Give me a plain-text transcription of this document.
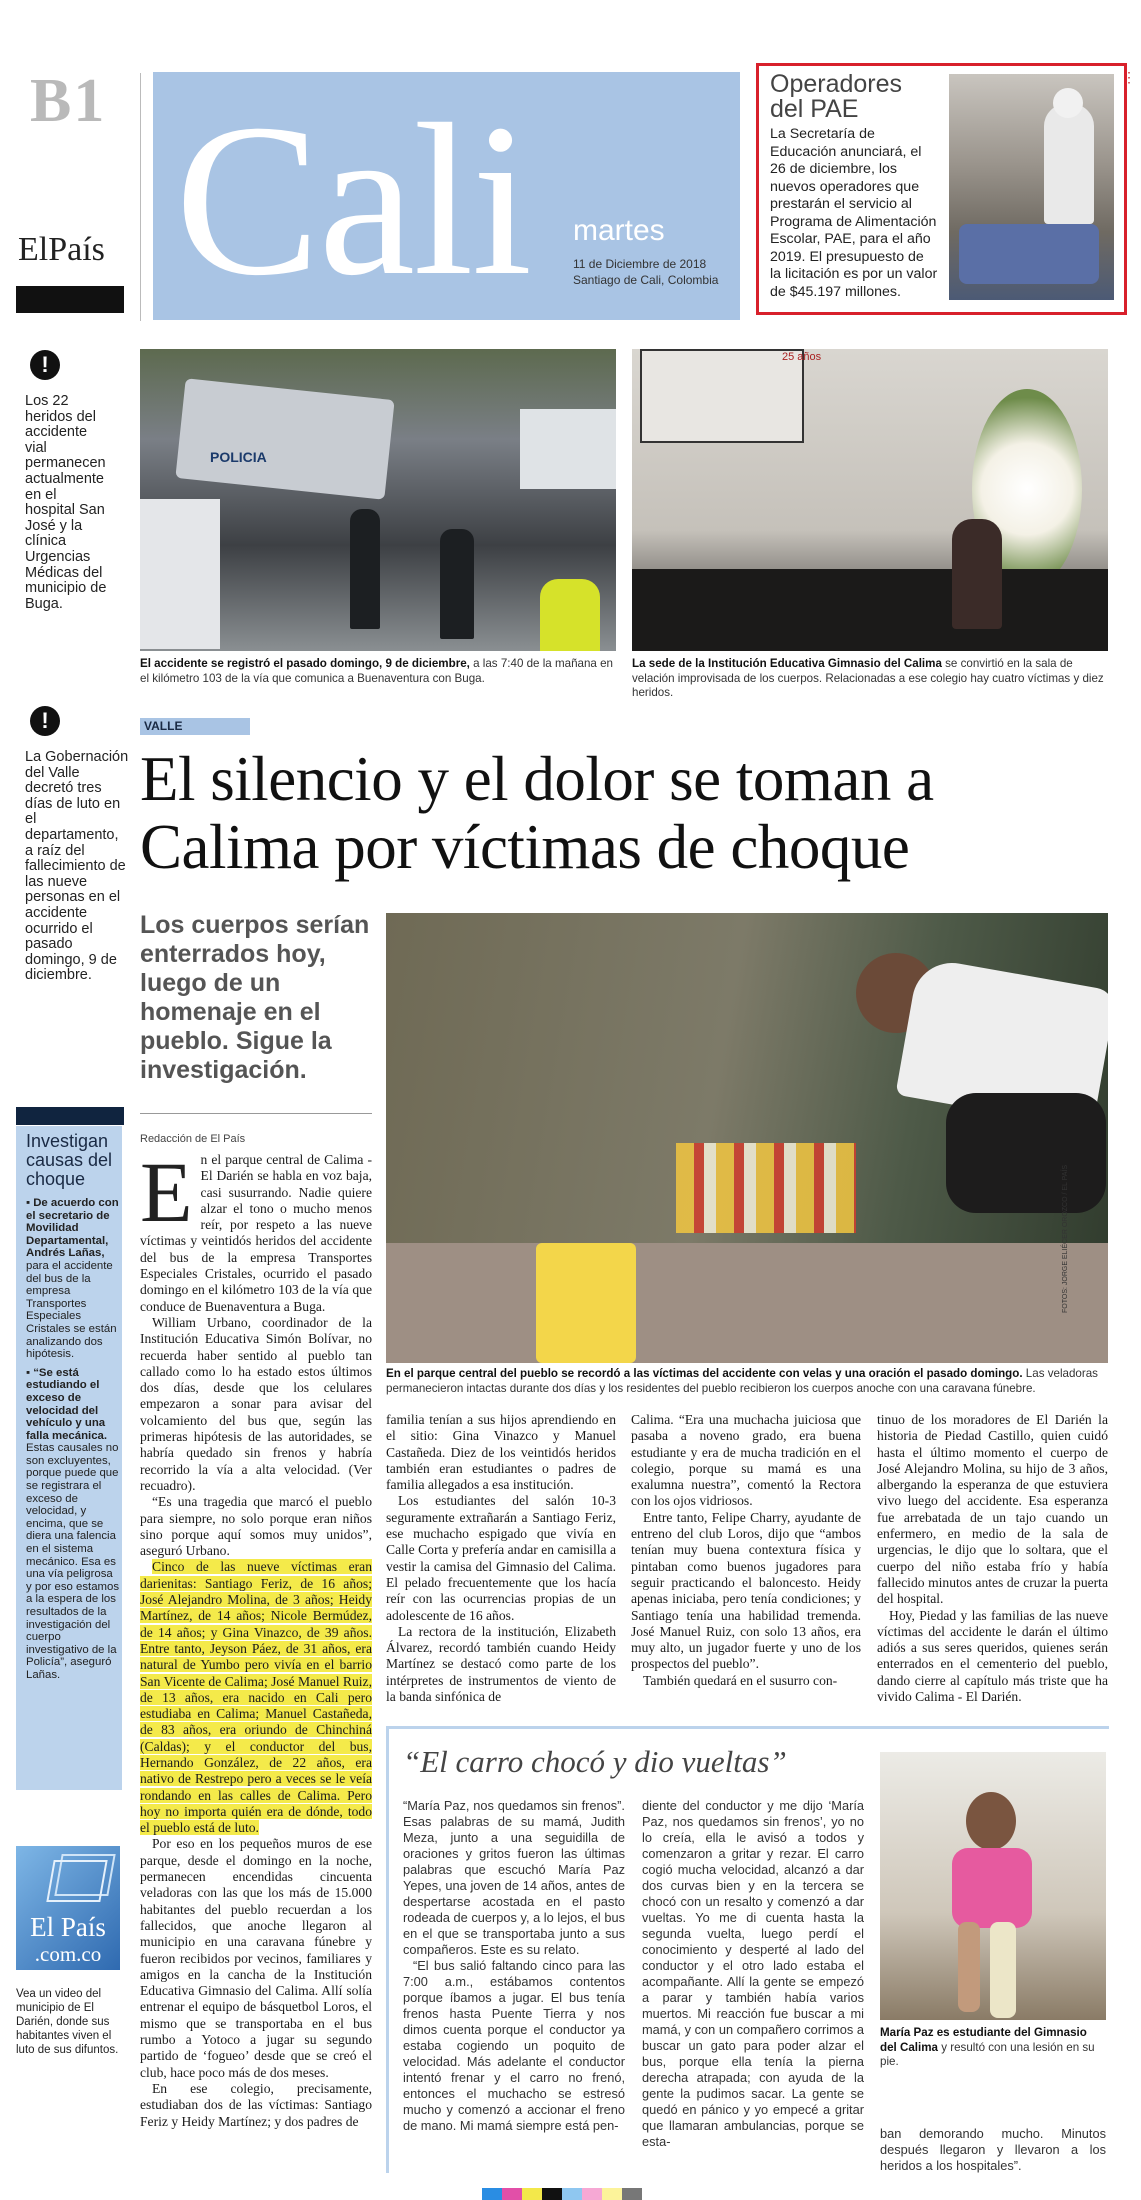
B1
ElPaís Cali martes
11 de Diciembre de 2018
Santiago de Cali, Colombia
Operadores del PAE
La Secretaría de Educación anunciará, el 26 de diciembre, los nuevos operadores que prestarán el servicio al Programa de Alimentación Escolar, PAE, para el año 2019. El presupuesto de la licitación es por un valor de $45.197 millones.
⋮
!
Los 22 heridos del accidente vial permanecen actualmente en el hospital San José y la clínica Urgencias Médicas del municipio de Buga.
!
La Gobernación del Valle decretó tres días de luto en el departamento, a raíz del fallecimiento de las nueve personas en el accidente ocurrido el pasado domingo, 9 de diciembre.
POLICIA
El accidente se registró el pasado domingo, 9 de diciembre, a las 7:40 de la mañana en el kilómetro 103 de la vía que comunica a Buenaventura con Buga.
25 años
La sede de la Institución Educativa Gimnasio del Calima se convirtió en la sala de velación improvisada de los cuerpos. Relacionadas a ese colegio hay cuatro víctimas y diez heridos.
VALLE
El silencio y el dolor se toman a Calima por víctimas de choque
Los cuerpos serían enterrados hoy, luego de un homenaje en el pueblo. Sigue la investigación.
FOTOS: JORGE ELIÉCER OROZCO / EL PAÍS
En el parque central del pueblo se recordó a las víctimas del accidente con velas y una oración el pasado domingo. Las veladoras permanecieron intactas durante dos días y los residentes del pueblo recibieron los cuerpos anoche con una caravana fúnebre.
Redacción de El País
E n el parque central de Calima - El Darién se habla en voz baja, casi susurrando. Nadie quiere alzar el tono o mucho menos reír, por respeto a las nueve víctimas y veintidós heridos del accidente del bus de la empresa Transportes Especiales Cristales, ocurrido el pasado domingo en el kilómetro 103 de la vía que conduce de Buenaventura a Buga.

William Urbano, coordinador de la Institución Educativa Simón Bolívar, no recuerda haber sentido al pueblo tan callado como lo ha estado estos últimos dos días, desde que los celulares empezaron a sonar para avisar del volcamiento del bus que, según las primeras hipótesis de las autoridades, se habría quedado sin frenos y habría recorrido la vía a alta velocidad. (Ver recuadro).

“Es una tragedia que marcó el pueblo para siempre, no solo porque eran niños sino porque aquí somos muy unidos”, aseguró Urbano.

Cinco de las nueve víctimas eran darienitas: Santiago Feriz, de 16 años; José Alejandro Molina, de 3 años; Heidy Martínez, de 14 años; Nicole Bermúdez, de 14 años; y Gina Vinazco, de 39 años. Entre tanto, Jeyson Páez, de 31 años, era natural de Yumbo pero vivía en el barrio San Vicente de Calima; José Manuel Ruiz, de 13 años, era nacido en Cali pero estudiaba en Calima; Manuel Castañeda, de 83 años, era oriundo de Chinchiná (Caldas); y el conductor del bus, Hernando González, de 22 años, era nativo de Restrepo pero a veces se le veía rondando en las calles de Calima. Pero hoy no importa quién era de dónde, todo el pueblo está de luto.

Por eso en los pequeños muros de ese parque, desde el domingo en la noche, permanecen encendidas cincuenta veladoras con las que los más de 15.000 habitantes del pueblo recuerdan a los fallecidos, que anoche llegaron al municipio en una caravana fúnebre y fueron recibidos por vecinos, familiares y amigos en la cancha de la Institución Educativa Gimnasio del Calima. Allí solía entrenar el equipo de básquetbol Loros, el mismo que se transportaba en el bus rumbo a Yotoco a jugar su segundo partido de ‘fogueo’ desde que se creó el club, hace poco más de dos meses.

En ese colegio, precisamente, estudiaban dos de las víctimas: Santiago Feriz y Heidy Martínez; y dos padres de

familia tenían a sus hijos aprendiendo en el sitio: Gina Vinazco y Manuel Castañeda. Diez de los veintidós heridos también eran estudiantes o padres de familia allegados a esa institución.

Los estudiantes del salón 10-3 seguramente extrañarán a Santiago Feriz, ese muchacho espigado que vivía en Calle Corta y prefería andar en camisilla a vestir la camisa del Gimnasio del Calima. El pelado frecuentemente que los hacía reír con las ocurrencias propias de un adolescente de 16 años.

La rectora de la institución, Elizabeth Álvarez, recordó también cuando Heidy Martínez se destacó como parte de los intérpretes de instrumentos de viento de la banda sinfónica de

Calima. “Era una muchacha juiciosa que pasaba a noveno grado, era buena estudiante y era de mucha tradición en el colegio, porque su mamá es una exalumna nuestra”, comentó la Rectora con los ojos vidriosos.

Entre tanto, Felipe Charry, ayudante de entreno del club Loros, dijo que “ambos tenían muy buena contextura física y pintaban como buenos jugadores para seguir practicando el baloncesto. Heidy apenas iniciaba, pero tenía condiciones; y Santiago tenía una habilidad tremenda. José Manuel Ruiz, con solo 13 años, era muy alto, un jugador fuerte y uno de los prospectos del pueblo”.

También quedará en el susurro con-

tinuo de los moradores de El Darién la historia de Piedad Castillo, quien cuidó hasta el último momento el cuerpo de José Alejandro Molina, su hijo de 3 años, albergando la esperanza de que estuviera vivo luego del accidente. Esa esperanza fue arrebatada de un tajo cuando un enfermero, en medio de la sala de urgencias, le dijo que lo soltara, que el cuerpo del niño estaba frío y había fallecido minutos antes de cruzar la puerta del hospital.

Hoy, Piedad y las familias de las nueve víctimas del accidente le darán el último adiós a sus seres queridos, quienes serán enterrados en el cementerio del pueblo, dando cierre al capítulo más triste que ha vivido Calima - El Darién.

Investigan causas del choque

▪ De acuerdo con el secretario de Movilidad Departamental, Andrés Lañas, para el accidente del bus de la empresa Transportes Especiales Cristales se están analizando dos hipótesis.

▪ “Se está estudiando el exceso de velocidad del vehículo y una falla mecánica. Estas causales no son excluyentes, porque puede que se registrara el exceso de velocidad, y encima, que se diera una falencia en el sistema mecánico. Esa es una vía peligrosa y por eso estamos a la espera de los resultados de la investigación del cuerpo investigativo de la Policía”, aseguró Lañas.

El País
.com.co
Vea un video del municipio de El Darién, donde sus habitantes viven el luto de sus difuntos.
“El carro chocó y dio vueltas”

“María Paz, nos quedamos sin frenos”. Esas palabras de su mamá, Judith Meza, junto a una seguidilla de oraciones y gritos fueron las últimas palabras que escuchó María Paz Yepes, una joven de 14 años, antes de despertarse acostada en el pasto rodeada de cuerpos y, a lo lejos, el bus en el que se transportaba junto a sus compañeros. Este es su relato.

“El bus salió faltando cinco para las 7:00 a.m., estábamos contentos porque íbamos a jugar. El bus tenía frenos hasta Puente Tierra y nos dimos cuenta porque el conductor ya estaba cogiendo un poquito de velocidad. Más adelante el conductor intentó frenar y el carro no frenó, entonces el muchacho se estresó mucho y comenzó a accionar el freno de mano. Mi mamá siempre está pen-

diente del conductor y me dijo ‘María Paz, nos quedamos sin frenos’, yo no lo creía, ella le avisó a todos y comenzaron a gritar y rezar. El carro cogió mucha velocidad, alcanzó a dar dos curvas bien y en la tercera se chocó con un resalto y comenzó a dar vueltas. Yo me di cuenta hasta la segunda vuelta, luego perdí el conocimiento y desperté al lado del conductor y el otro lado estaba el acompañante. Allí la gente se empezó a parar y también había varios muertos. Mi reacción fue buscar a mi mamá, y con un compañero corrimos a buscar un gato para poder alzar el bus, porque ella tenía la pierna derecha atrapada; con ayuda de la gente la pudimos sacar. La gente se quedó en pánico y yo empecé a gritar que llamaran ambulancias, porque se esta-

María Paz es estudiante del Gimnasio del Calima y resultó con una lesión en su pie.

ban demorando mucho. Minutos después llegaron y llevaron a los heridos a los hospitales”.
